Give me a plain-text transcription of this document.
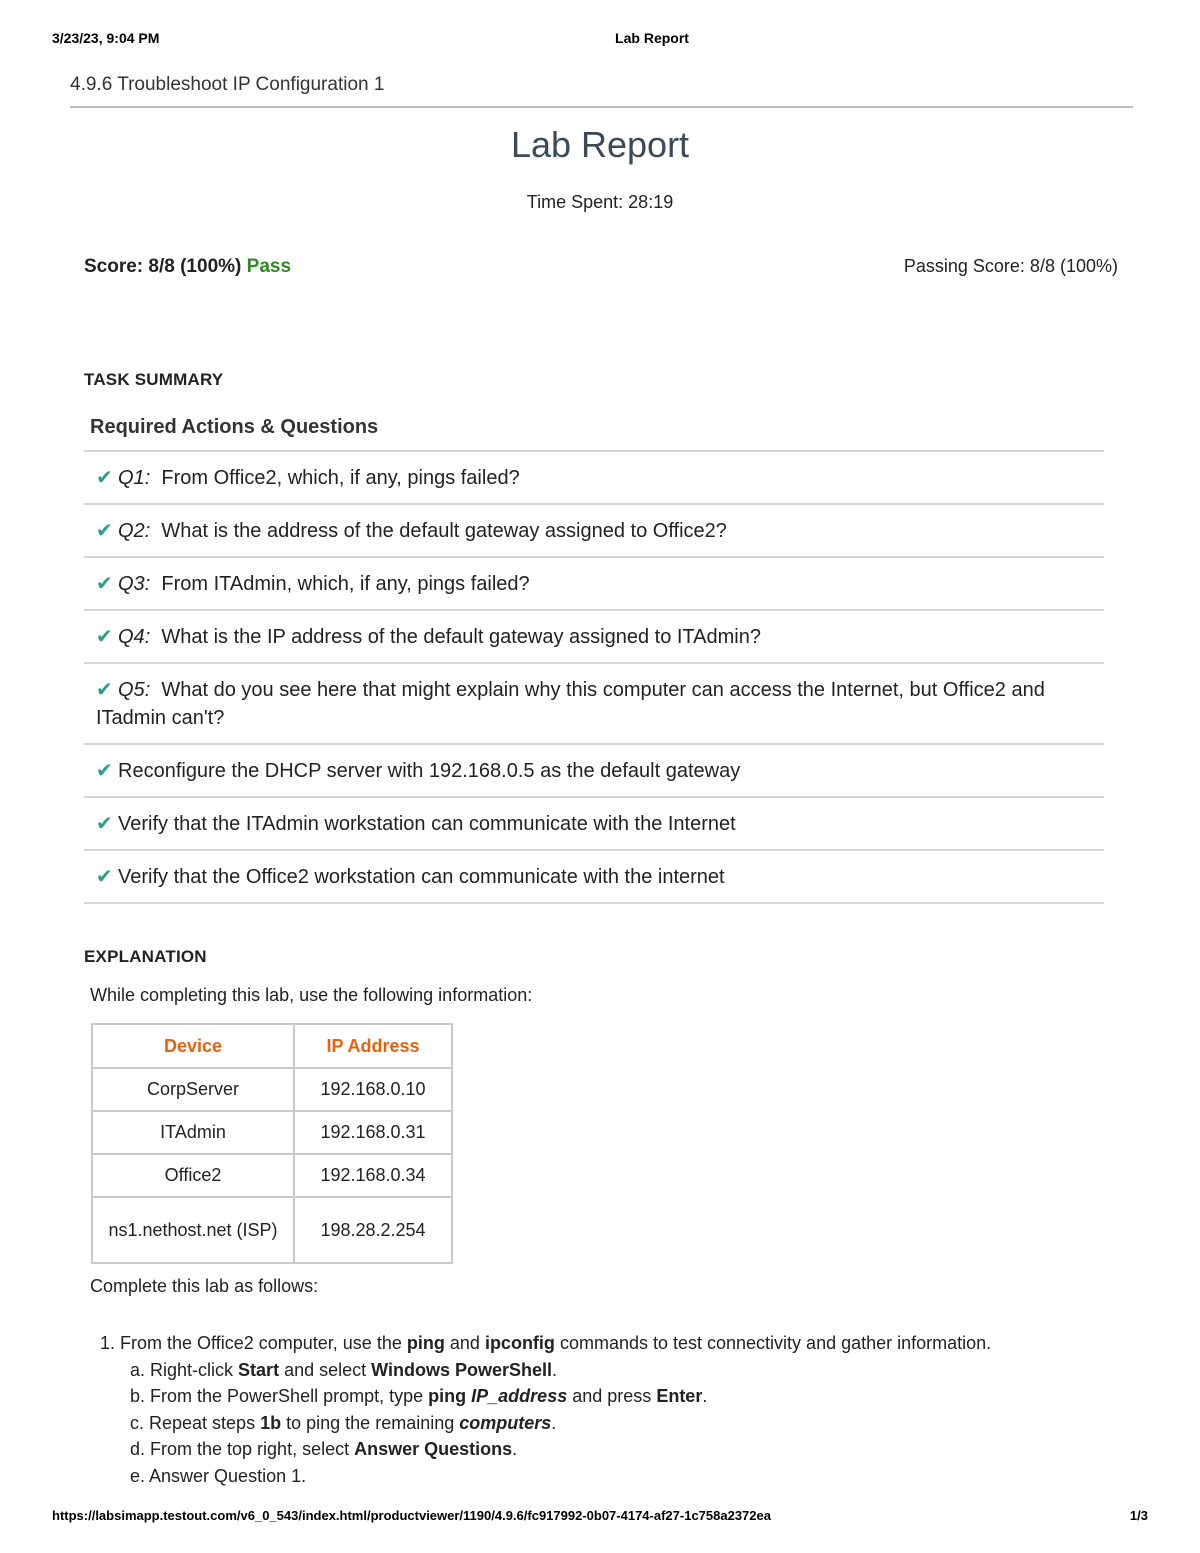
3/23/23, 9:04 PM	Lab Report
4.9.6 Troubleshoot IP Configuration 1
Lab Report
Time Spent: 28:19
Score: 8/8 (100%) Pass	Passing Score: 8/8 (100%)
TASK SUMMARY
Required Actions & Questions
✔ Q1: From Office2, which, if any, pings failed?
✔ Q2: What is the address of the default gateway assigned to Office2?
✔ Q3: From ITAdmin, which, if any, pings failed?
✔ Q4: What is the IP address of the default gateway assigned to ITAdmin?
✔ Q5: What do you see here that might explain why this computer can access the Internet, but Office2 and ITadmin can't?
✔ Reconfigure the DHCP server with 192.168.0.5 as the default gateway
✔ Verify that the ITAdmin workstation can communicate with the Internet
✔ Verify that the Office2 workstation can communicate with the internet
EXPLANATION
While completing this lab, use the following information:
Device	IP Address
CorpServer	192.168.0.10
ITAdmin	192.168.0.31
Office2	192.168.0.34
ns1.nethost.net (ISP)	198.28.2.254
Complete this lab as follows:
1. From the Office2 computer, use the ping and ipconfig commands to test connectivity and gather information.
a. Right-click Start and select Windows PowerShell.
b. From the PowerShell prompt, type ping IP_address and press Enter.
c. Repeat steps 1b to ping the remaining computers.
d. From the top right, select Answer Questions.
e. Answer Question 1.
https://labsimapp.testout.com/v6_0_543/index.html/productviewer/1190/4.9.6/fc917992-0b07-4174-af27-1c758a2372ea	1/3
